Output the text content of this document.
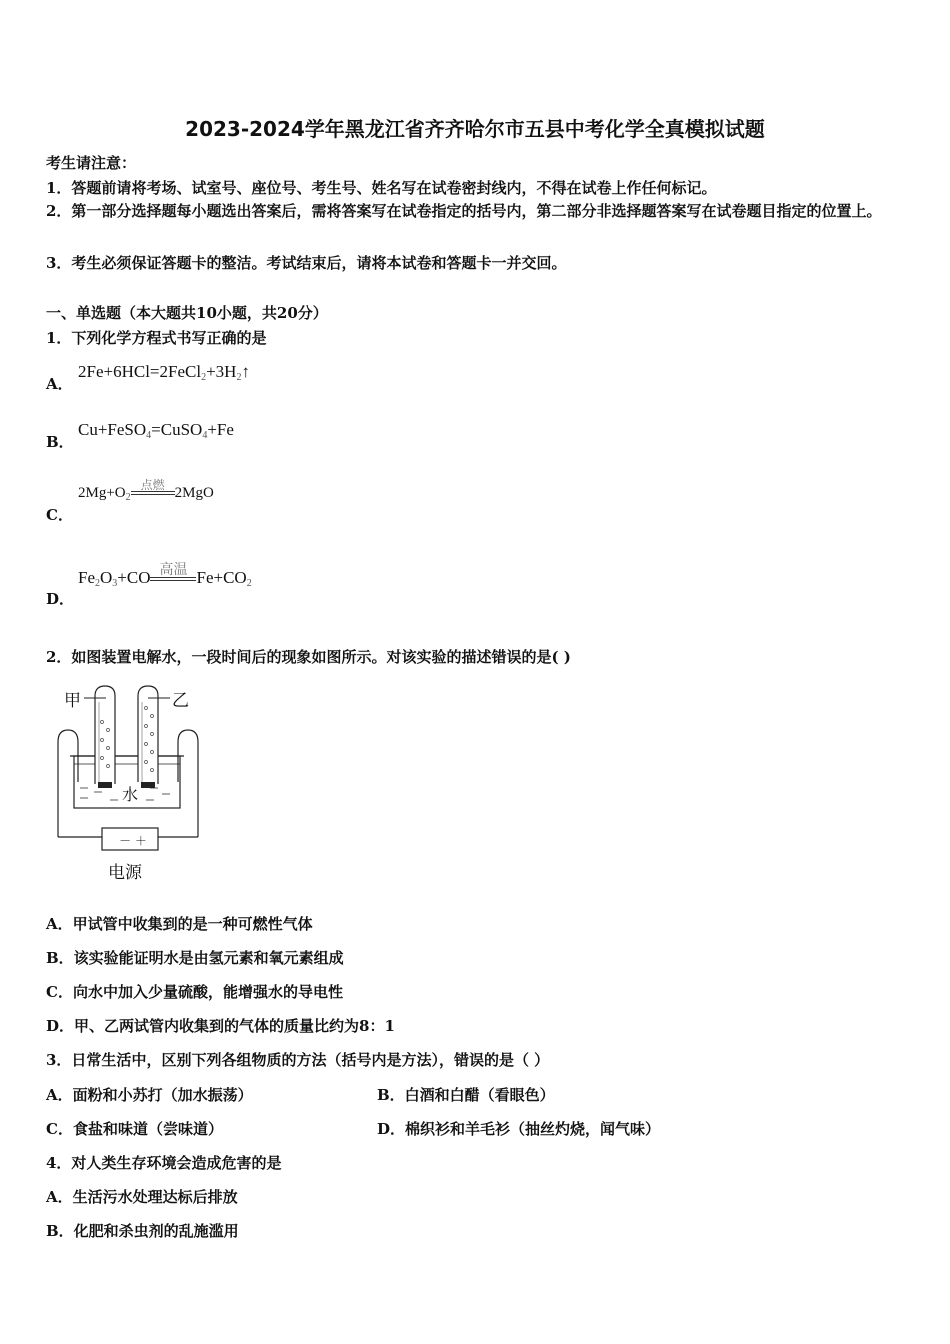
2023-2024学年黑龙江省齐齐哈尔市五县中考化学全真模拟试题
考生请注意：
1．答题前请将考场、试室号、座位号、考生号、姓名写在试卷密封线内，不得在试卷上作任何标记。
2．第一部分选择题每小题选出答案后，需将答案写在试卷指定的括号内，第二部分非选择题答案写在试卷题目指定的位置上。
3．考生必须保证答题卡的整洁。考试结束后，请将本试卷和答题卡一并交回。
一、单选题（本大题共10小题，共20分）
1．下列化学方程式书写正确的是
A．
$2Fe+6HCl=2FeCl_2+3H_2↑$
B．
Cu+FeSO$_4$=CuSO$_4$+Fe
C．
$2Mg+O_2$
点燃 2MgO
D．
$Fe_2O_3+CO$ 高温 $Fe+CO_2$
2．如图装置电解水，一段时间后的现象如图所示。对该实验的描述错误的是( )
甲	乙
水
－ ＋
电源
A．甲试管中收集到的是一种可燃性气体
B．该实验能证明水是由氢元素和氧元素组成
C．向水中加入少量硫酸，能增强水的导电性
D．甲、乙两试管内收集到的气体的质量比约为8：1
3．日常生活中，区别下列各组物质的方法（括号内是方法），错误的是（ ）
A．面粉和小苏打（加水振荡）	B．白酒和白醋（看眼色）
C．食盐和味道（尝味道）	D．棉织衫和羊毛衫（抽丝灼烧，闻气味）
4．对人类生存环境会造成危害的是
A．生活污水处理达标后排放
B．化肥和杀虫剂的乱施滥用
